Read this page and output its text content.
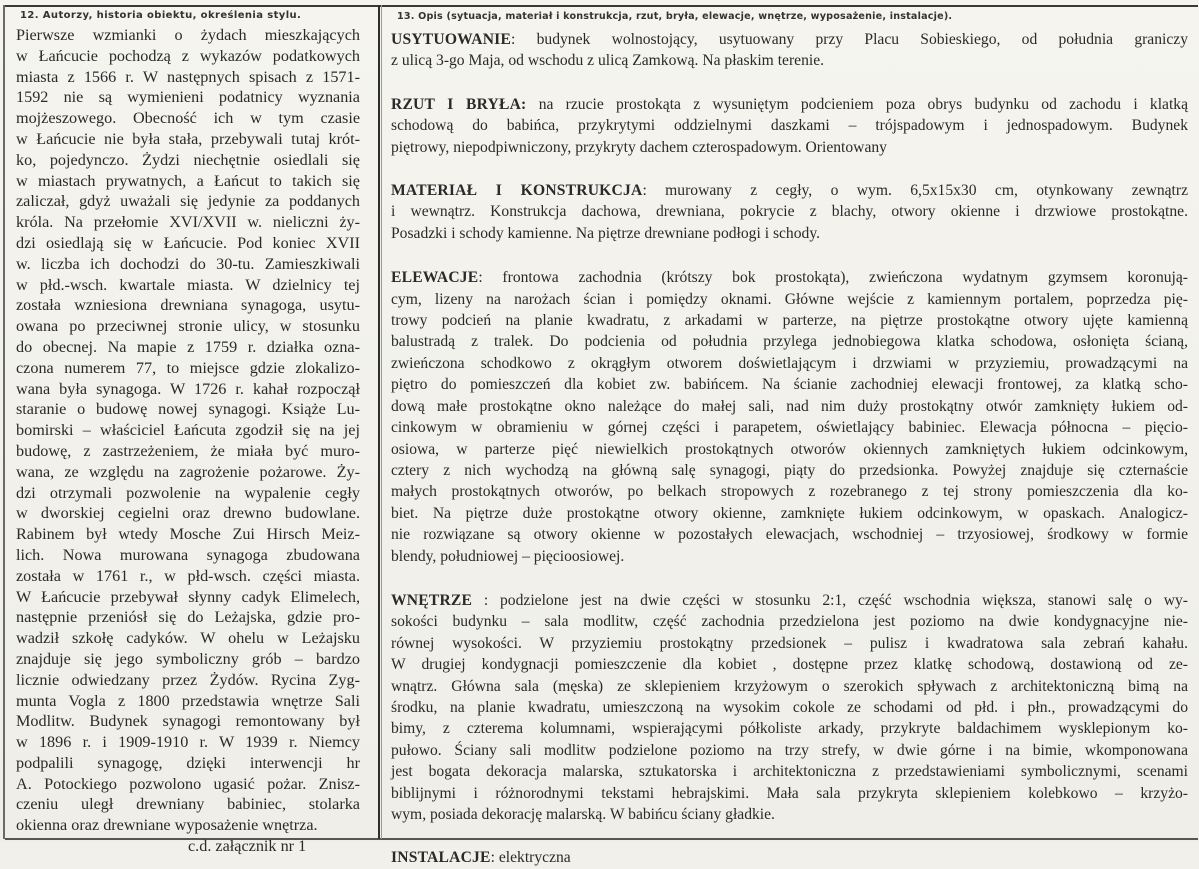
12. Autorzy, historia obiektu, określenia stylu.
Pierwsze wzmianki o żydach mieszkających
w Łańcucie pochodzą z wykazów podatkowych
miasta z 1566 r. W następnych spisach z 1571-
1592 nie są wymienieni podatnicy wyznania
mojżeszowego. Obecność ich w tym czasie
w Łańcucie nie była stała, przebywali tutaj krót-
ko, pojedynczo. Żydzi niechętnie osiedlali się
w miastach prywatnych, a Łańcut to takich się
zaliczał, gdyż uważali się jedynie za poddanych
króla. Na przełomie XVI/XVII w. nieliczni ży-
dzi osiedlają się w Łańcucie. Pod koniec XVII
w. liczba ich dochodzi do 30-tu. Zamieszkiwali
w płd.-wsch. kwartale miasta. W dzielnicy tej
została wzniesiona drewniana synagoga, usytu-
owana po przeciwnej stronie ulicy, w stosunku
do obecnej. Na mapie z 1759 r. działka ozna-
czona numerem 77, to miejsce gdzie zlokalizo-
wana była synagoga. W 1726 r. kahał rozpoczął
staranie o budowę nowej synagogi. Książe Lu-
bomirski – właściciel Łańcuta zgodził się na jej
budowę, z zastrzeżeniem, że miała być muro-
wana, ze względu na zagrożenie pożarowe. Ży-
dzi otrzymali pozwolenie na wypalenie cegły
w dworskiej cegielni oraz drewno budowlane.
Rabinem był wtedy Mosche Zui Hirsch Meiz-
lich. Nowa murowana synagoga zbudowana
została w 1761 r., w płd-wsch. części miasta.
W Łańcucie przebywał słynny cadyk Elimelech,
następnie przeniósł się do Leżajska, gdzie pro-
wadził szkołę cadyków. W ohelu w Leżajsku
znajduje się jego symboliczny grób – bardzo
licznie odwiedzany przez Żydów. Rycina Zyg-
munta Vogla z 1800 przedstawia wnętrze Sali
Modlitw. Budynek synagogi remontowany był
w 1896 r. i 1909-1910 r. W 1939 r. Niemcy
podpalili synagogę, dzięki interwencji hr
A. Potockiego pozwolono ugasić pożar. Znisz-
czeniu uległ drewniany babiniec, stolarka
okienna oraz drewniane wyposażenie wnętrza.
c.d. załącznik nr 1
13. Opis (sytuacja, materiał i konstrukcja, rzut, bryła, elewacje, wnętrze, wyposażenie, instalacje).
USYTUOWANIE: budynek wolnostojący, usytuowany przy Placu Sobieskiego, od południa graniczy
z ulicą 3-go Maja, od wschodu z ulicą Zamkową. Na płaskim terenie.
RZUT I BRYŁA: na rzucie prostokąta z wysuniętym podcieniem poza obrys budynku od zachodu i klatką
schodową do babińca, przykrytymi oddzielnymi daszkami – trójspadowym i jednospadowym. Budynek
piętrowy, niepodpiwniczony, przykryty dachem czterospadowym. Orientowany
MATERIAŁ I KONSTRUKCJA: murowany z cegły, o wym. 6,5x15x30 cm, otynkowany zewnątrz
i wewnątrz. Konstrukcja dachowa, drewniana, pokrycie z blachy, otwory okienne i drzwiowe prostokątne.
Posadzki i schody kamienne. Na piętrze drewniane podłogi i schody.
ELEWACJE: frontowa zachodnia (krótszy bok prostokąta), zwieńczona wydatnym gzymsem koronują-
cym, lizeny na narożach ścian i pomiędzy oknami. Główne wejście z kamiennym portalem, poprzedza pię-
trowy podcień na planie kwadratu, z arkadami w parterze, na piętrze prostokątne otwory ujęte kamienną
balustradą z tralek. Do podcienia od południa przylega jednobiegowa klatka schodowa, osłonięta ścianą,
zwieńczona schodkowo z okrągłym otworem doświetlającym i drzwiami w przyziemiu, prowadzącymi na
piętro do pomieszczeń dla kobiet zw. babińcem. Na ścianie zachodniej elewacji frontowej, za klatką scho-
dową małe prostokątne okno należące do małej sali, nad nim duży prostokątny otwór zamknięty łukiem od-
cinkowym w obramieniu w górnej części i parapetem, oświetlający babiniec. Elewacja północna – pięcio-
osiowa, w parterze pięć niewielkich prostokątnych otworów okiennych zamkniętych łukiem odcinkowym,
cztery z nich wychodzą na główną salę synagogi, piąty do przedsionka. Powyżej znajduje się czternaście
małych prostokątnych otworów, po belkach stropowych z rozebranego z tej strony pomieszczenia dla ko-
biet. Na piętrze duże prostokątne otwory okienne, zamknięte łukiem odcinkowym, w opaskach. Analogicz-
nie rozwiązane są otwory okienne w pozostałych elewacjach, wschodniej – trzyosiowej, środkowy w formie
blendy, południowej – pięcioosiowej.
WNĘTRZE : podzielone jest na dwie części w stosunku 2:1, część wschodnia większa, stanowi salę o wy-
sokości budynku – sala modlitw, część zachodnia przedzielona jest poziomo na dwie kondygnacyjne nie-
równej wysokości. W przyziemiu prostokątny przedsionek – pulisz i kwadratowa sala zebrań kahału.
W drugiej kondygnacji pomieszczenie dla kobiet , dostępne przez klatkę schodową, dostawioną od ze-
wnątrz. Główna sala (męska) ze sklepieniem krzyżowym o szerokich spływach z architektoniczną bimą na
środku, na planie kwadratu, umieszczoną na wysokim cokole ze schodami od płd. i płn., prowadzącymi do
bimy, z czterema kolumnami, wspierającymi półkoliste arkady, przykryte baldachimem wysklepionym ko-
pułowo. Ściany sali modlitw podzielone poziomo na trzy strefy, w dwie górne i na bimie, wkomponowana
jest bogata dekoracja malarska, sztukatorska i architektoniczna z przedstawieniami symbolicznymi, scenami
biblijnymi i różnorodnymi tekstami hebrajskimi. Mała sala przykryta sklepieniem kolebkowo – krzyżo-
wym, posiada dekorację malarską. W babińcu ściany gładkie.
INSTALACJE: elektryczna
